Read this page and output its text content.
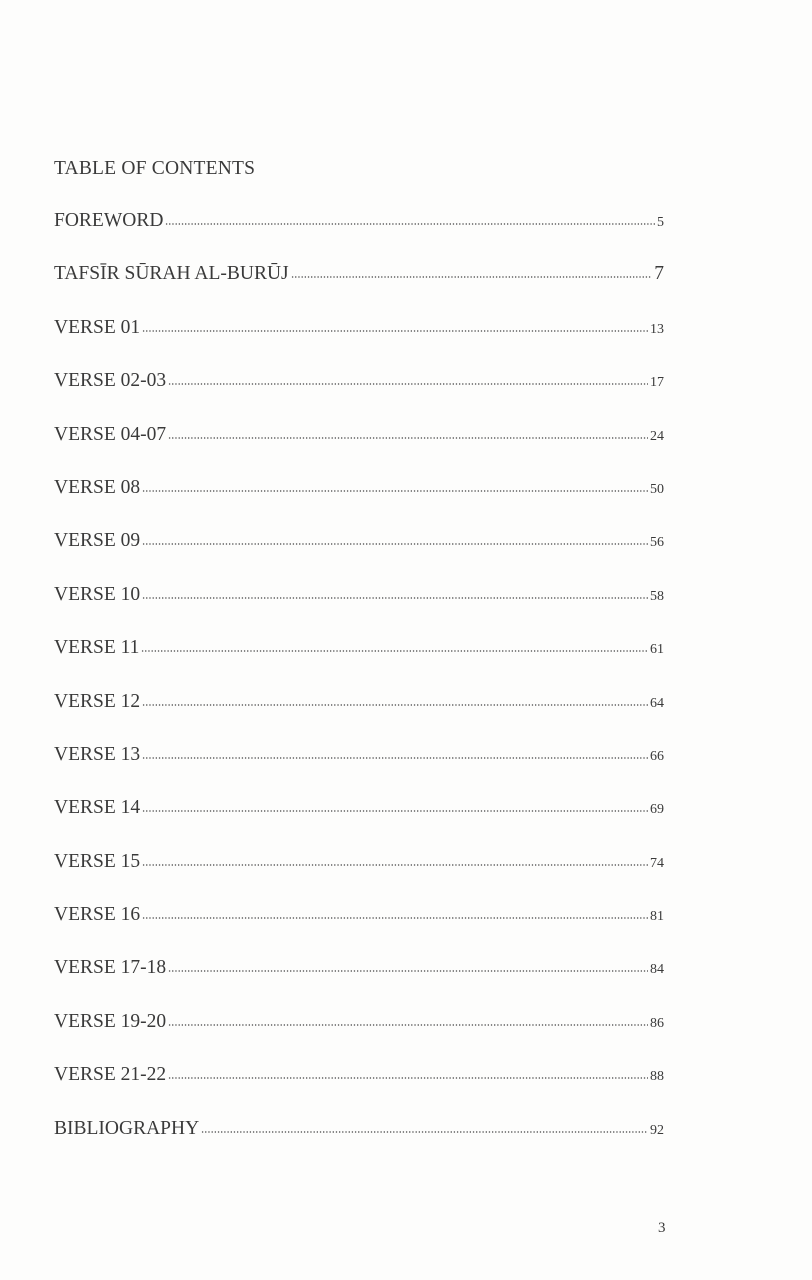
TABLE OF CONTENTS
FOREWORD	5
TAFSĪR SŪRAH AL-BURŪJ	7
VERSE 01	13
VERSE 02-03	17
VERSE 04-07	24
VERSE 08	50
VERSE 09	56
VERSE 10	58
VERSE 11	61
VERSE 12	64
VERSE 13	66
VERSE 14	69
VERSE 15	74
VERSE 16	81
VERSE 17-18	84
VERSE 19-20	86
VERSE 21-22	88
BIBLIOGRAPHY	92
3
